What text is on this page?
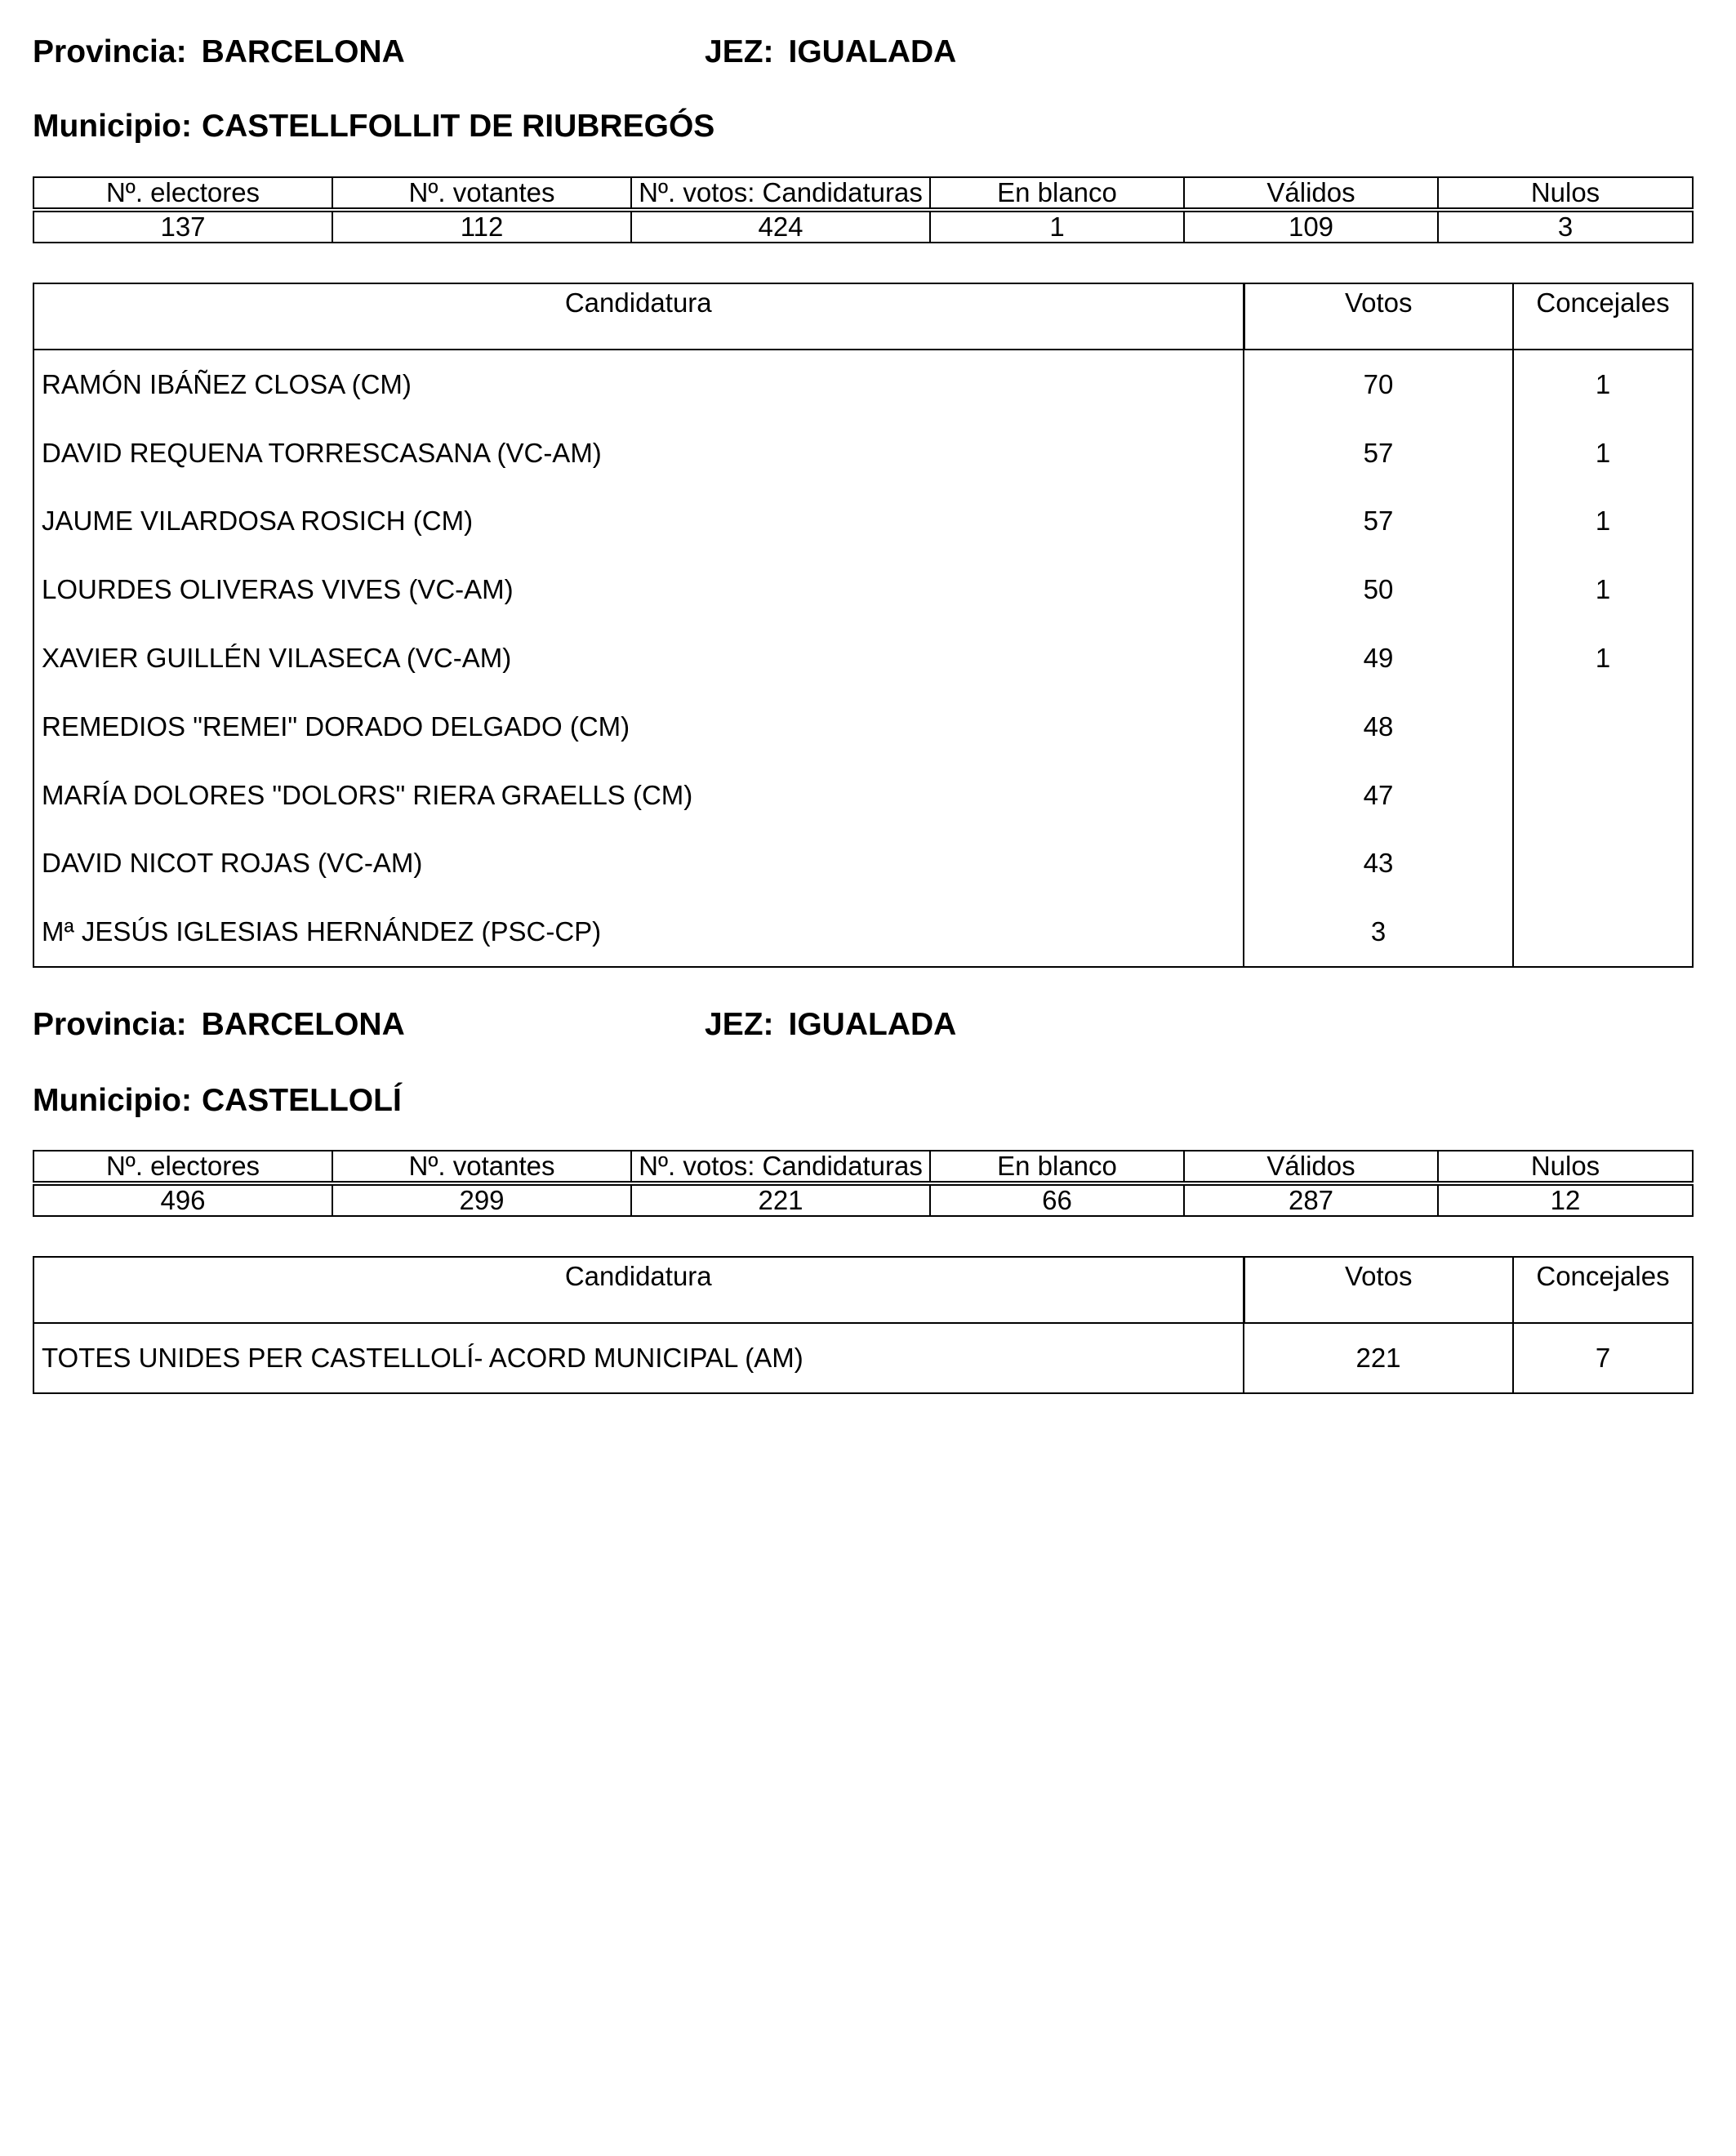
Provincia: BARCELONA	JEZ: IGUALADA
Municipio: CASTELLFOLLIT DE RIUBREGÓS
Nº. electores	Nº. votantes	Nº. votos: Candidaturas	En blanco	Válidos	Nulos
137	112	424	1	109	3
Candidatura	Votos	Concejales
RAMÓN IBÁÑEZ CLOSA (CM)	70	1
DAVID REQUENA TORRESCASANA (VC-AM)	57	1
JAUME VILARDOSA ROSICH (CM)	57	1
LOURDES OLIVERAS VIVES (VC-AM)	50	1
XAVIER GUILLÉN VILASECA (VC-AM)	49	1
REMEDIOS "REMEI" DORADO DELGADO (CM)	48	
MARÍA DOLORES "DOLORS" RIERA GRAELLS (CM)	47	
DAVID NICOT ROJAS (VC-AM)	43	
Mª JESÚS IGLESIAS HERNÁNDEZ (PSC-CP)	3	
Provincia: BARCELONA	JEZ: IGUALADA
Municipio: CASTELLOLÍ
Nº. electores	Nº. votantes	Nº. votos: Candidaturas	En blanco	Válidos	Nulos
496	299	221	66	287	12
Candidatura	Votos	Concejales
TOTES UNIDES PER CASTELLOLÍ- ACORD MUNICIPAL (AM)	221	7
